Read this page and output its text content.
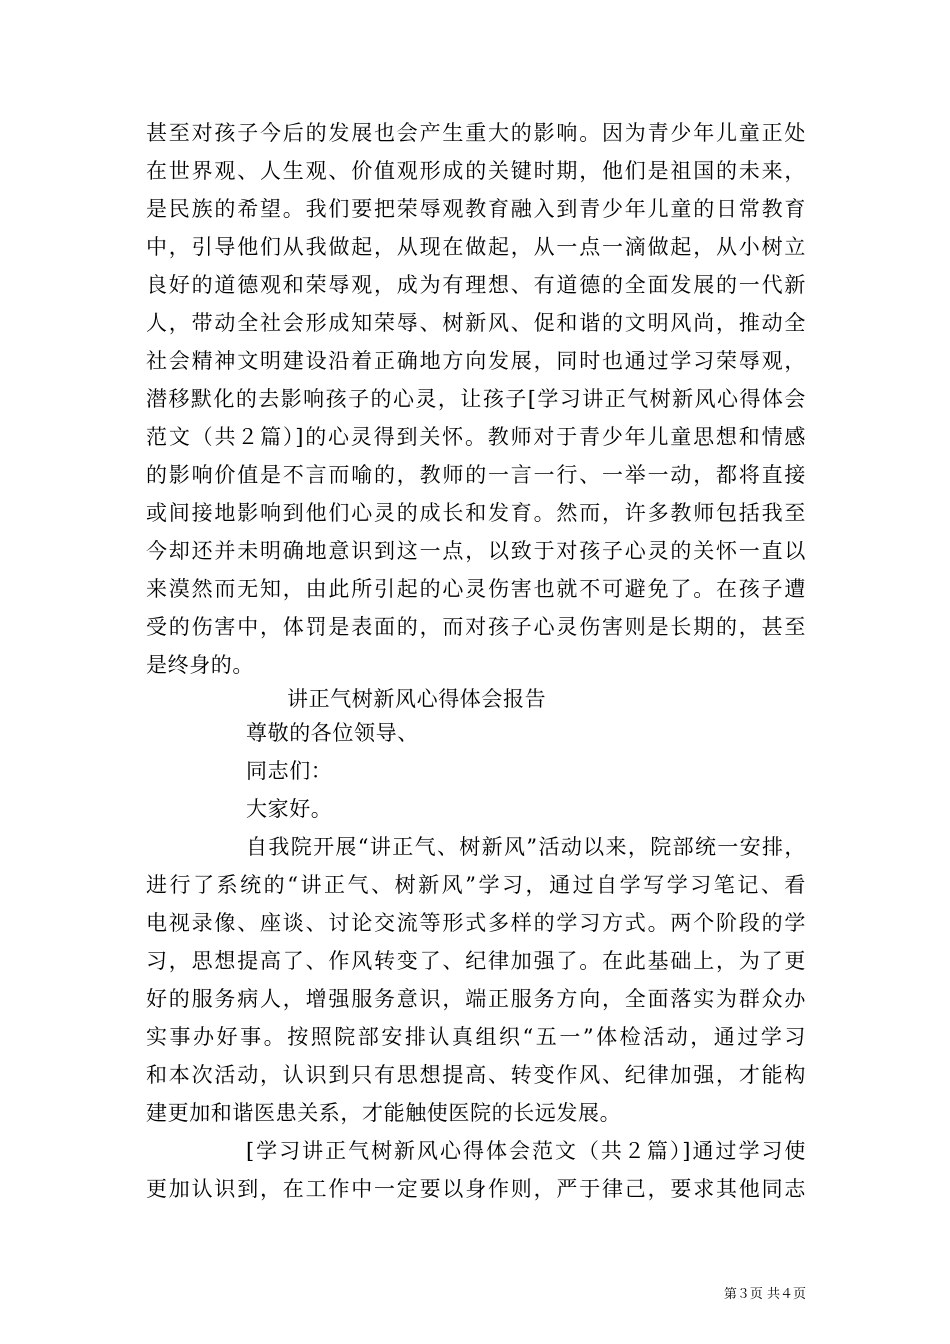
甚至对孩子今后的发展也会产生重大的影响。因为青少年儿童正处
在世界观、人生观、价值观形成的关键时期，他们是祖国的未来，
是民族的希望。我们要把荣辱观教育融入到青少年儿童的日常教育
中，引导他们从我做起，从现在做起，从一点一滴做起，从小树立
良好的道德观和荣辱观，成为有理想、有道德的全面发展的一代新
人，带动全社会形成知荣辱、树新风、促和谐的文明风尚，推动全
社会精神文明建设沿着正确地方向发展，同时也通过学习荣辱观，
潜移默化的去影响孩子的心灵，让孩子[学习讲正气树新风心得体会
范文（共２篇）]的心灵得到关怀。教师对于青少年儿童思想和情感
的影响价值是不言而喻的，教师的一言一行、一举一动，都将直接
或间接地影响到他们心灵的成长和发育。然而，许多教师包括我至
今却还并未明确地意识到这一点，以致于对孩子心灵的关怀一直以
来漠然而无知，由此所引起的心灵伤害也就不可避免了。在孩子遭
受的伤害中，体罚是表面的，而对孩子心灵伤害则是长期的，甚至
是终身的。
讲正气树新风心得体会报告
尊敬的各位领导、
同志们：
大家好。
自我院开展“讲正气、树新风”活动以来，院部统一安排，
进行了系统的“讲正气、树新风”学习，通过自学写学习笔记、看
电视录像、座谈、讨论交流等形式多样的学习方式。两个阶段的学
习，思想提高了、作风转变了、纪律加强了。在此基础上，为了更
好的服务病人，增强服务意识，端正服务方向，全面落实为群众办
实事办好事。按照院部安排认真组织“五一”体检活动，通过学习
和本次活动，认识到只有思想提高、转变作风、纪律加强，才能构
建更加和谐医患关系，才能触使医院的长远发展。
[学习讲正气树新风心得体会范文（共２篇）]通过学习使
更加认识到，在工作中一定要以身作则，严于律己，要求其他同志
第３页 共４页
